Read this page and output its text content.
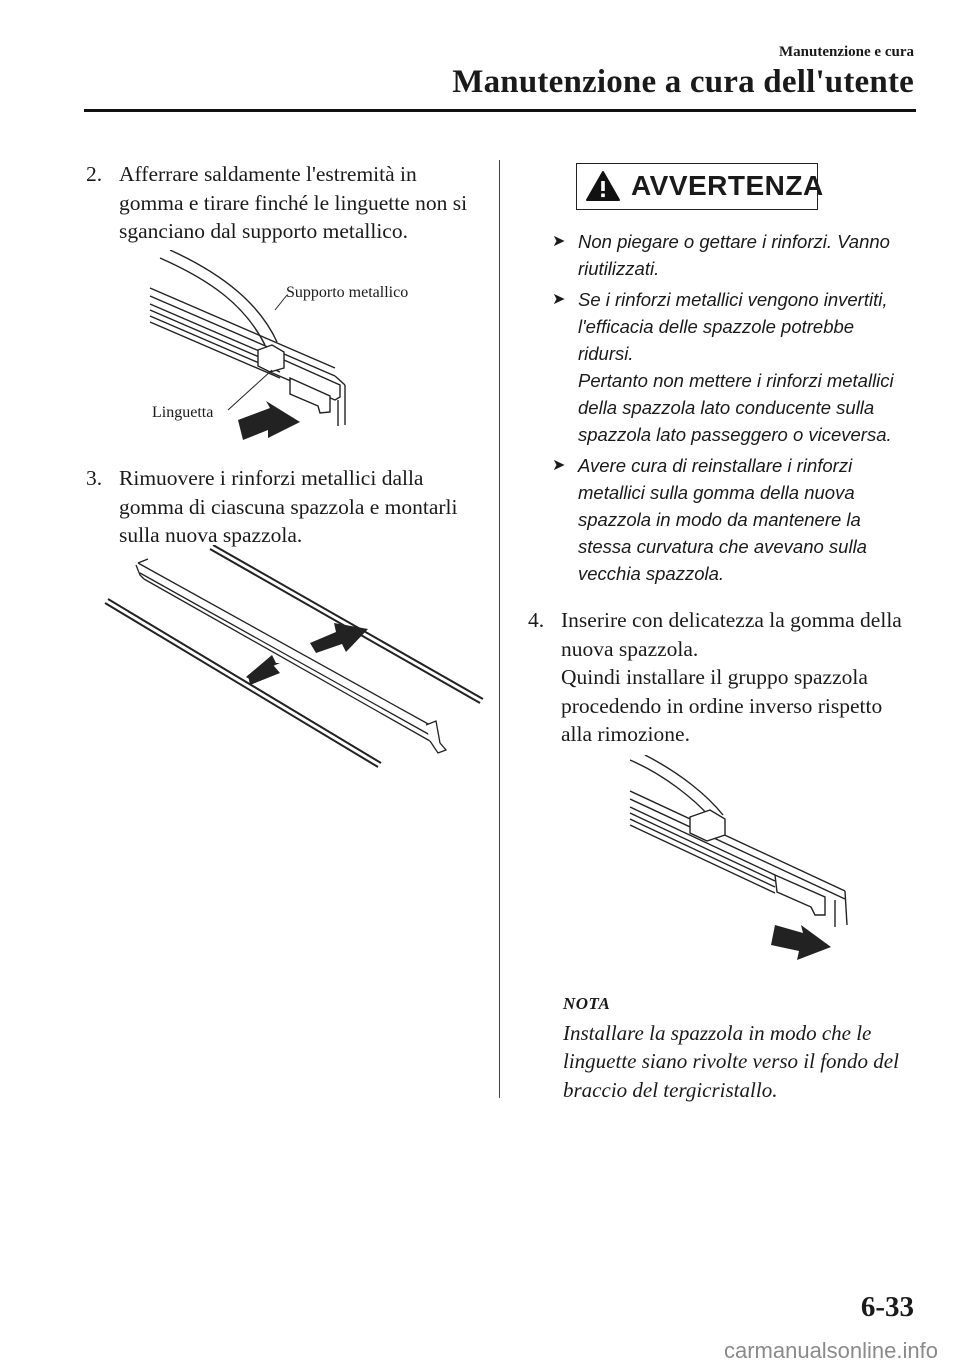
Manutenzione e cura
Manutenzione a cura dell'utente
2. Afferrare saldamente l'estremità in gomma e tirare finché le linguette non si sganciano dal supporto metallico.
Supporto metallico
Linguetta
3. Rimuovere i rinforzi metallici dalla gomma di ciascuna spazzola e montarli sulla nuova spazzola.
AVVERTENZA
➤ Non piegare o gettare i rinforzi. Vanno riutilizzati.
➤ Se i rinforzi metallici vengono invertiti, l'efficacia delle spazzole potrebbe ridursi.
Pertanto non mettere i rinforzi metallici della spazzola lato conducente sulla spazzola lato passeggero o viceversa.
➤ Avere cura di reinstallare i rinforzi metallici sulla gomma della nuova spazzola in modo da mantenere la stessa curvatura che avevano sulla vecchia spazzola.
4. Inserire con delicatezza la gomma della nuova spazzola.
Quindi installare il gruppo spazzola procedendo in ordine inverso rispetto alla rimozione.
NOTA
Installare la spazzola in modo che le linguette siano rivolte verso il fondo del braccio del tergicristallo.
6-33
carmanualsonline.info
